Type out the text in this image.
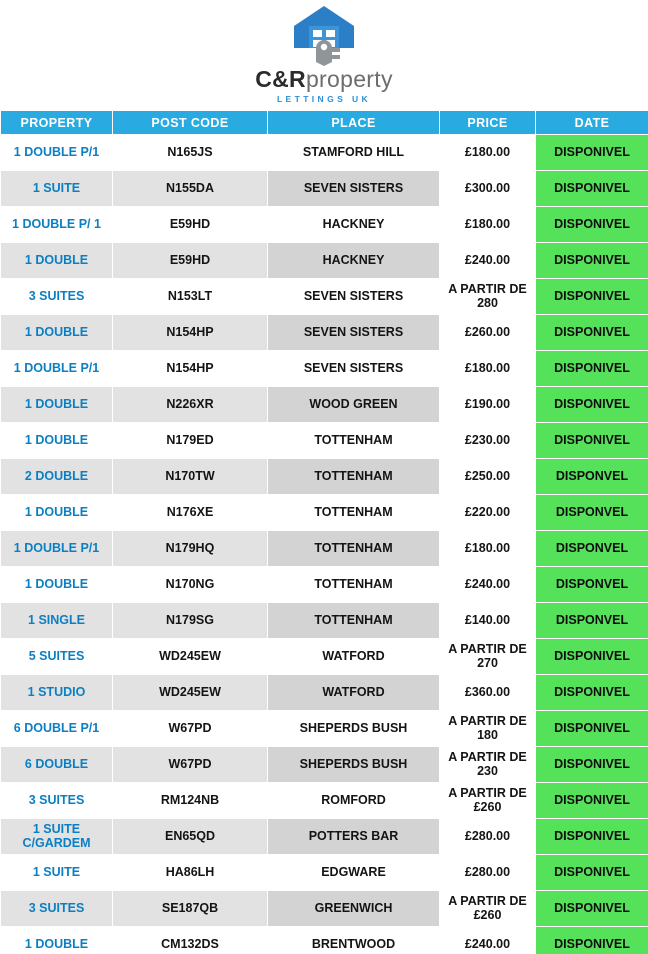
C&Rproperty
LETTINGS UK
PROPERTY	POST CODE	PLACE	PRICE	DATE
1 DOUBLE P/1	N165JS	STAMFORD HILL	£180.00	DISPONIVEL
1 SUITE	N155DA	SEVEN SISTERS	£300.00	DISPONIVEL
1 DOUBLE P/ 1	E59HD	HACKNEY	£180.00	DISPONIVEL
1 DOUBLE	E59HD	HACKNEY	£240.00	DISPONIVEL
3 SUITES	N153LT	SEVEN SISTERS	A PARTIR DE 280	DISPONIVEL
1 DOUBLE	N154HP	SEVEN SISTERS	£260.00	DISPONIVEL
1 DOUBLE P/1	N154HP	SEVEN SISTERS	£180.00	DISPONIVEL
1 DOUBLE	N226XR	WOOD GREEN	£190.00	DISPONIVEL
1 DOUBLE	N179ED	TOTTENHAM	£230.00	DISPONIVEL
2 DOUBLE	N170TW	TOTTENHAM	£250.00	DISPONVEL
1 DOUBLE	N176XE	TOTTENHAM	£220.00	DISPONVEL
1 DOUBLE P/1	N179HQ	TOTTENHAM	£180.00	DISPONVEL
1 DOUBLE	N170NG	TOTTENHAM	£240.00	DISPONVEL
1 SINGLE	N179SG	TOTTENHAM	£140.00	DISPONVEL
5 SUITES	WD245EW	WATFORD	A PARTIR DE 270	DISPONIVEL
1 STUDIO	WD245EW	WATFORD	£360.00	DISPONIVEL
6 DOUBLE P/1	W67PD	SHEPERDS BUSH	A PARTIR DE 180	DISPONIVEL
6 DOUBLE	W67PD	SHEPERDS BUSH	A PARTIR DE 230	DISPONIVEL
3 SUITES	RM124NB	ROMFORD	A PARTIR DE £260	DISPONIVEL
1 SUITE C/GARDEM	EN65QD	POTTERS BAR	£280.00	DISPONIVEL
1 SUITE	HA86LH	EDGWARE	£280.00	DISPONIVEL
3 SUITES	SE187QB	GREENWICH	A PARTIR DE £260	DISPONIVEL
1 DOUBLE	CM132DS	BRENTWOOD	£240.00	DISPONIVEL
